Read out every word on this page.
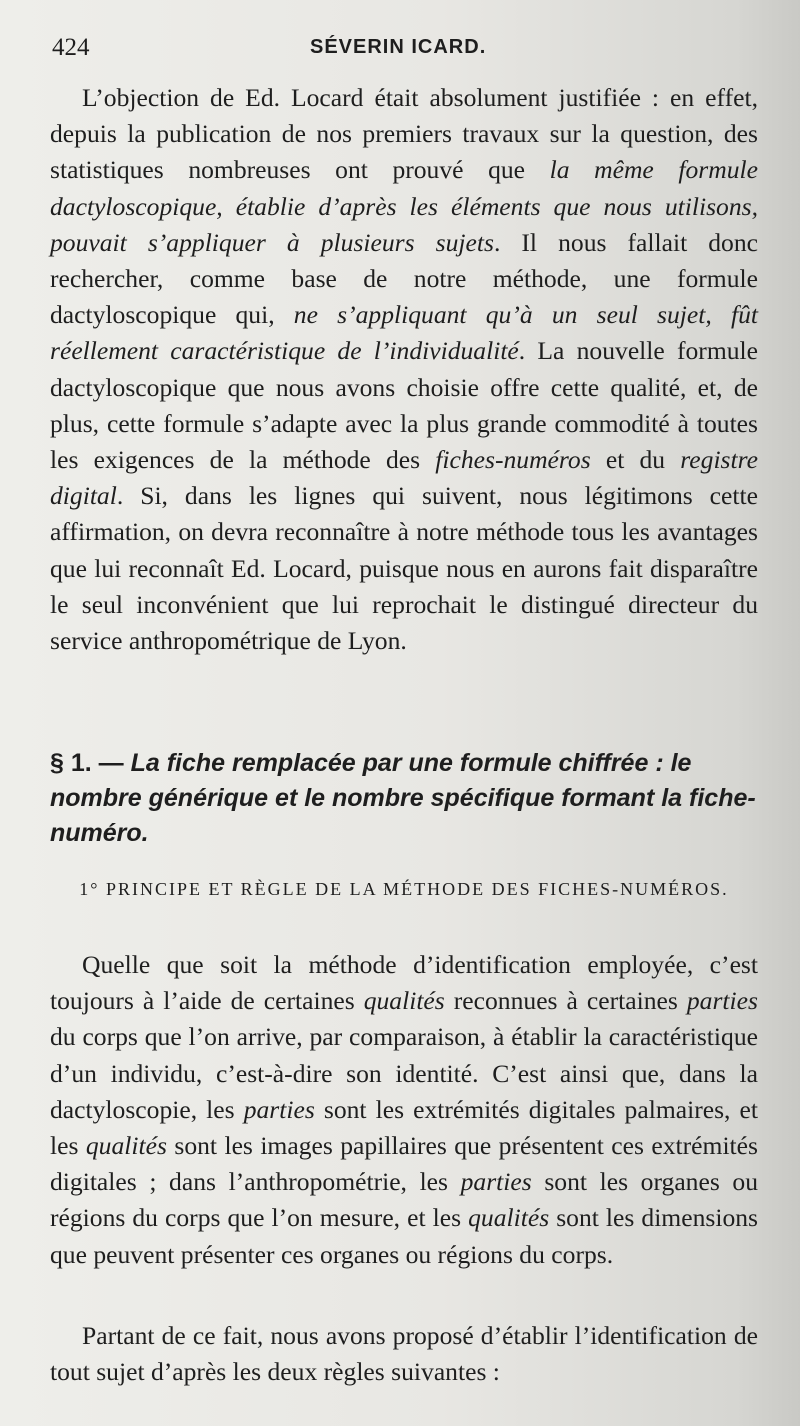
424	SÉVERIN ICARD.

L’objection de Ed. Locard était absolument justifiée : en effet, depuis la publication de nos premiers travaux sur la question, des statistiques nombreuses ont prouvé que la même formule dactyloscopique, établie d’après les éléments que nous utilisons, pouvait s’appliquer à plusieurs sujets. Il nous fallait donc rechercher, comme base de notre méthode, une formule dactyloscopique qui, ne s’appliquant qu’à un seul sujet, fût réellement caractéristique de l’individualité. La nouvelle formule dactyloscopique que nous avons choisie offre cette qualité, et, de plus, cette formule s’adapte avec la plus grande commodité à toutes les exigences de la méthode des fiches-numéros et du registre digital. Si, dans les lignes qui suivent, nous légitimons cette affirmation, on devra reconnaître à notre méthode tous les avantages que lui reconnaît Ed. Locard, puisque nous en aurons fait disparaître le seul inconvénient que lui reprochait le distingué directeur du service anthropométrique de Lyon.

§ 1. — La fiche remplacée par une formule chiffrée : le nombre générique et le nombre spécifique formant la fiche-numéro.
1° PRINCIPE ET RÈGLE DE LA MÉTHODE DES FICHES-NUMÉROS.

Quelle que soit la méthode d’identification employée, c’est toujours à l’aide de certaines qualités reconnues à certaines parties du corps que l’on arrive, par comparaison, à établir la caractéristique d’un individu, c’est-à-dire son identité. C’est ainsi que, dans la dactyloscopie, les parties sont les extrémités digitales palmaires, et les qualités sont les images papillaires que présentent ces extrémités digitales ; dans l’anthropométrie, les parties sont les organes ou régions du corps que l’on mesure, et les qualités sont les dimensions que peuvent présenter ces organes ou régions du corps.

Partant de ce fait, nous avons proposé d’établir l’identification de tout sujet d’après les deux règles suivantes :
